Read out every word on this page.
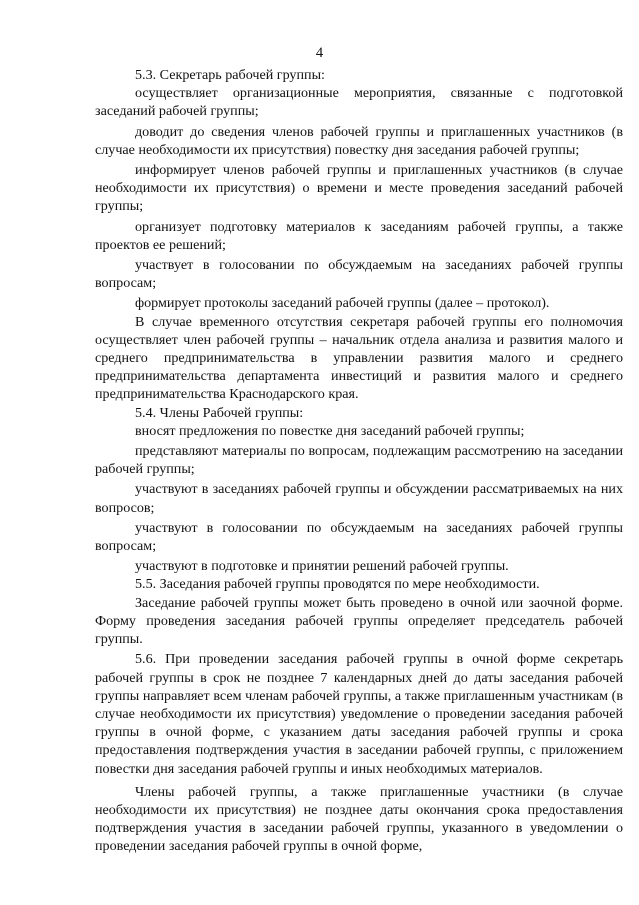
4

5.3. Секретарь рабочей группы:

осуществляет организационные мероприятия, связанные с подготовкой заседаний рабочей группы;

доводит до сведения членов рабочей группы и приглашенных участников (в случае необходимости их присутствия) повестку дня заседания рабочей группы;

информирует членов рабочей группы и приглашенных участников (в случае необходимости их присутствия) о времени и месте проведения заседаний рабочей группы;

организует подготовку материалов к заседаниям рабочей группы, а также проектов ее решений;

участвует в голосовании по обсуждаемым на заседаниях рабочей группы вопросам;

формирует протоколы заседаний рабочей группы (далее – протокол).

В случае временного отсутствия секретаря рабочей группы его полномочия осуществляет член рабочей группы – начальник отдела анализа и развития малого и среднего предпринимательства в управлении развития малого и среднего предпринимательства департамента инвестиций и развития малого и среднего предпринимательства Краснодарского края.

5.4. Члены Рабочей группы:

вносят предложения по повестке дня заседаний рабочей группы;

представляют материалы по вопросам, подлежащим рассмотрению на заседании рабочей группы;

участвуют в заседаниях рабочей группы и обсуждении рассматриваемых на них вопросов;

участвуют в голосовании по обсуждаемым на заседаниях рабочей группы вопросам;

участвуют в подготовке и принятии решений рабочей группы.

5.5. Заседания рабочей группы проводятся по мере необходимости.

Заседание рабочей группы может быть проведено в очной или заочной форме. Форму проведения заседания рабочей группы определяет председатель рабочей группы.

5.6. При проведении заседания рабочей группы в очной форме секретарь рабочей группы в срок не позднее 7 календарных дней до даты заседания рабочей группы направляет всем членам рабочей группы, а также приглашенным участникам (в случае необходимости их присутствия) уведомление о проведении заседания рабочей группы в очной форме, с указанием даты заседания рабочей группы и срока предоставления подтверждения участия в заседании рабочей группы, с приложением повестки дня заседания рабочей группы и иных необходимых материалов.

Члены рабочей группы, а также приглашенные участники (в случае необходимости их присутствия) не позднее даты окончания срока предоставления подтверждения участия в заседании рабочей группы, указанного в уведомлении о проведении заседания рабочей группы в очной форме,
